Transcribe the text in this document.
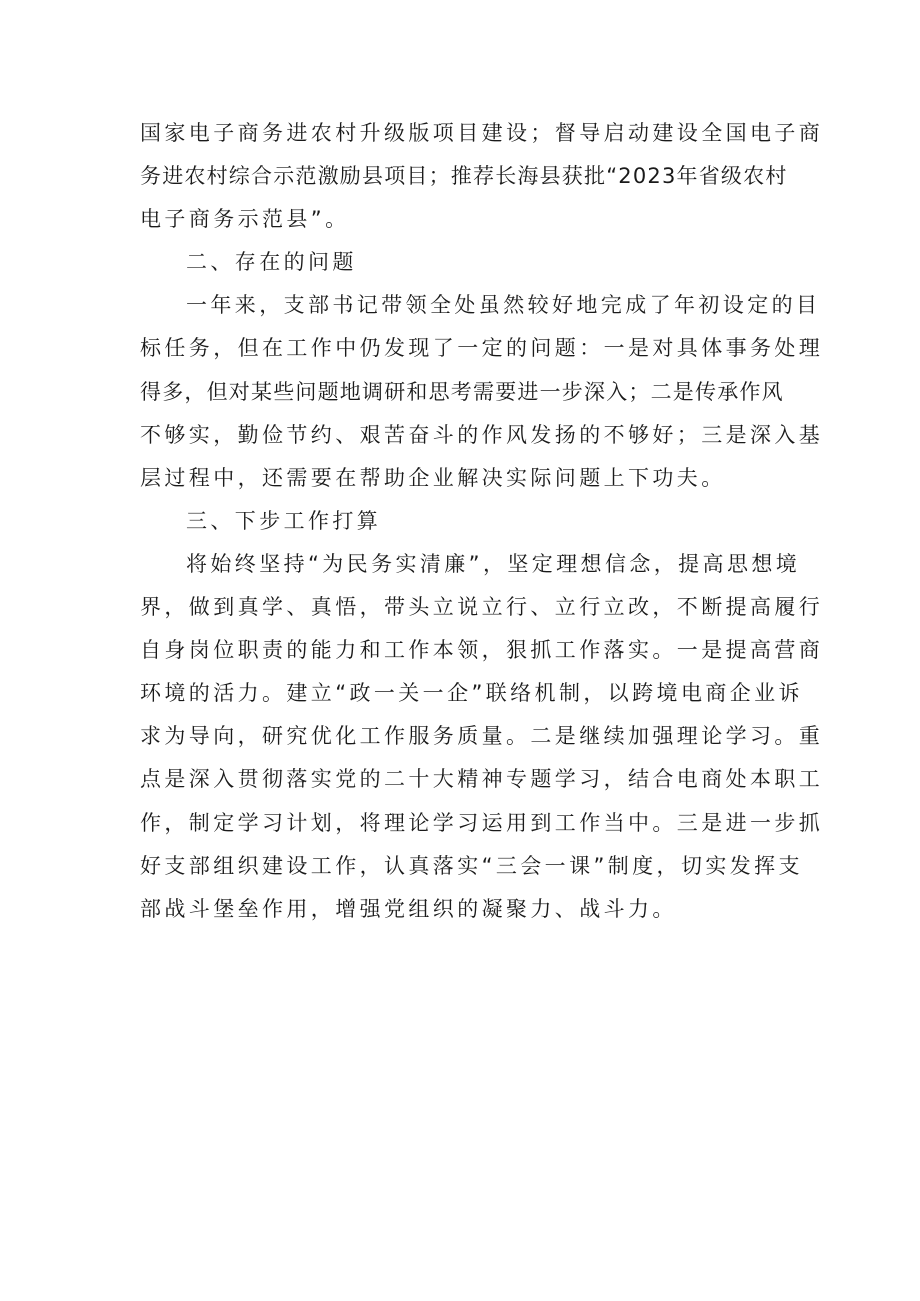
国家电子商务进农村升级版项目建设；督导启动建设全国电子商
务进农村综合示范激励县项目；推荐长海县获批“2023年省级农村
电子商务示范县”。
二、存在的问题
一年来，支部书记带领全处虽然较好地完成了年初设定的目
标任务，但在工作中仍发现了一定的问题：一是对具体事务处理
得多，但对某些问题地调研和思考需要进一步深入；二是传承作风
不够实，勤俭节约、艰苦奋斗的作风发扬的不够好；三是深入基
层过程中，还需要在帮助企业解决实际问题上下功夫。
三、下步工作打算
将始终坚持“为民务实清廉”，坚定理想信念，提高思想境
界，做到真学、真悟，带头立说立行、立行立改，不断提高履行
自身岗位职责的能力和工作本领，狠抓工作落实。一是提高营商
环境的活力。建立“政一关一企”联络机制，以跨境电商企业诉
求为导向，研究优化工作服务质量。二是继续加强理论学习。重
点是深入贯彻落实党的二十大精神专题学习，结合电商处本职工
作，制定学习计划，将理论学习运用到工作当中。三是进一步抓
好支部组织建设工作，认真落实“三会一课”制度，切实发挥支
部战斗堡垒作用，增强党组织的凝聚力、战斗力。
